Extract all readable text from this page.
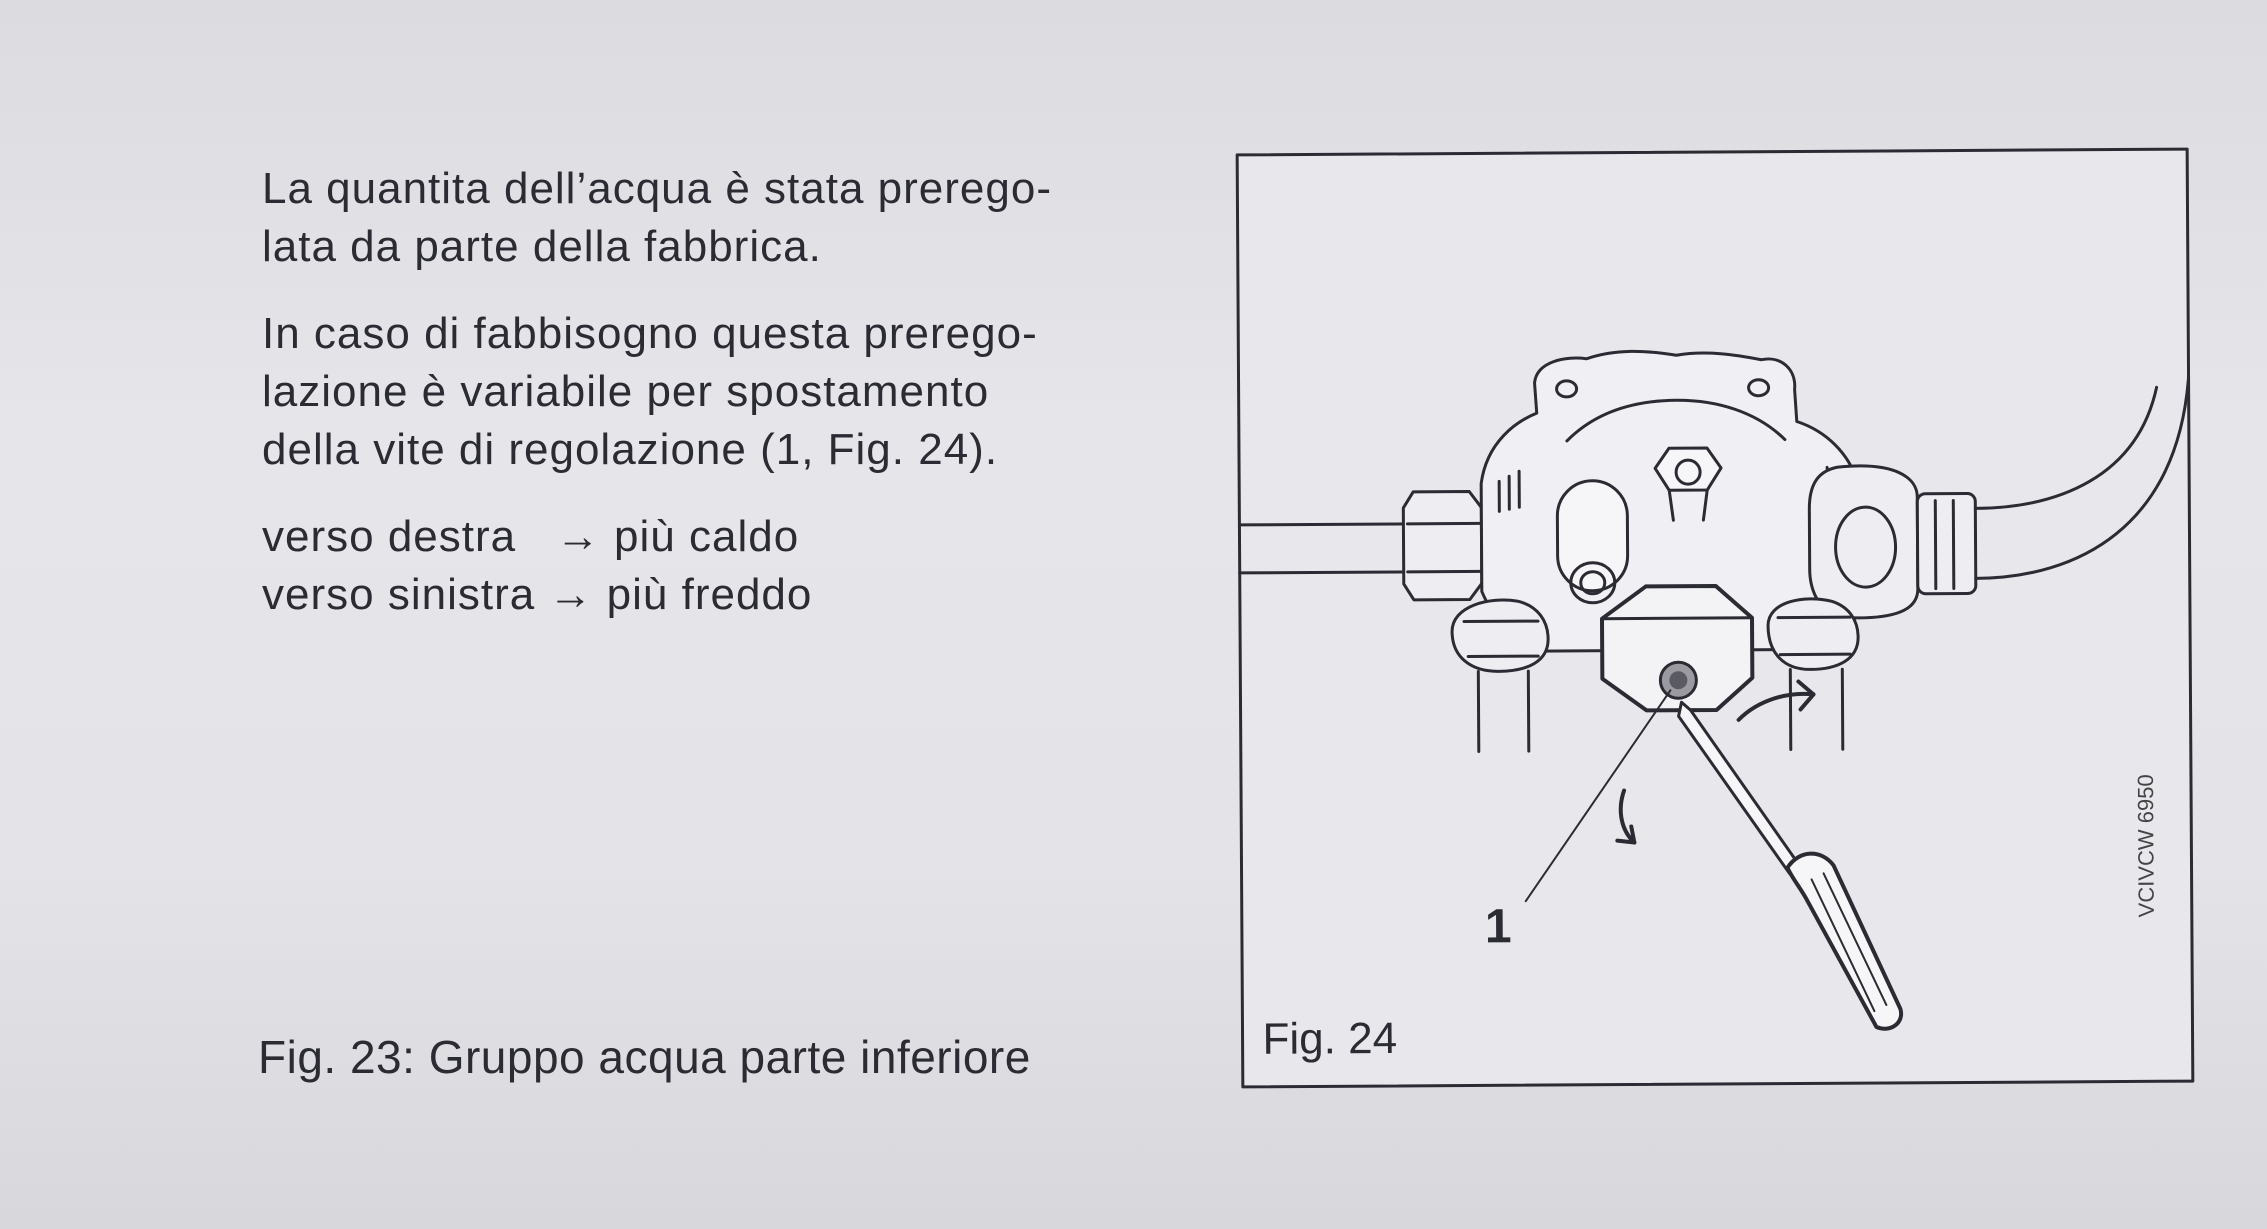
La quantita dell’acqua è stata prerego-
lata da parte della fabbrica.

In caso di fabbisogno questa prerego-
lazione è variabile per spostamento
della vite di regolazione (1, Fig. 24).

verso destra → più caldo
verso sinistra → più freddo
Fig. 23: Gruppo acqua parte inferiore
1
Fig. 24
VCIVCW 6950
